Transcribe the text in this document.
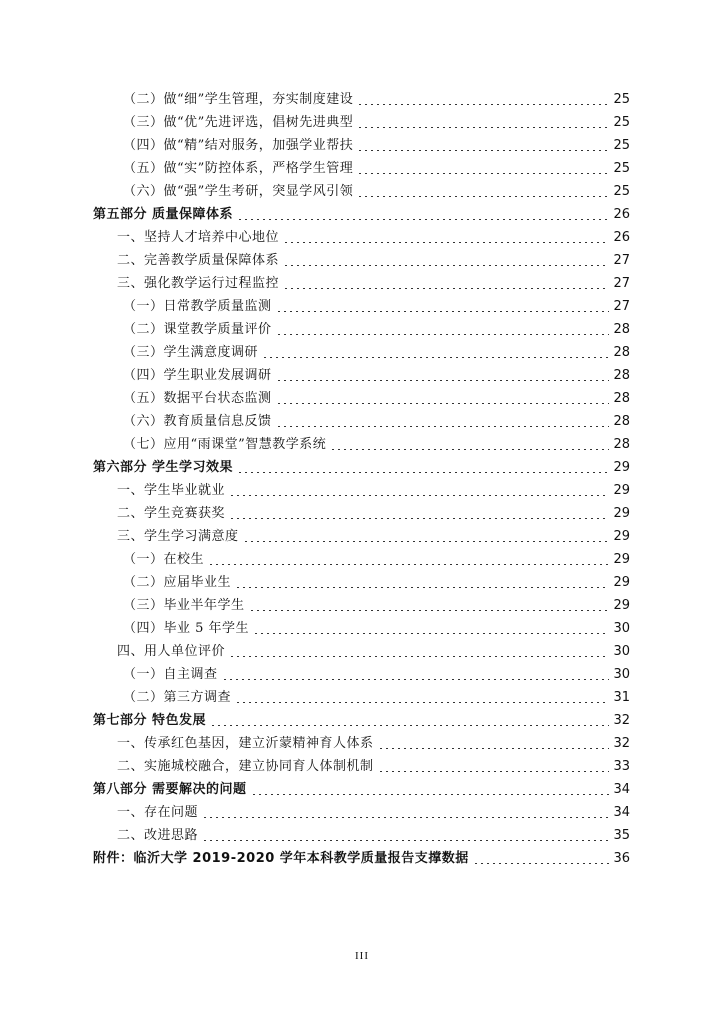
（二）做“细”学生管理，夯实制度建设	25
（三）做“优”先进评选，倡树先进典型	25
（四）做“精”结对服务，加强学业帮扶	25
（五）做“实”防控体系，严格学生管理	25
（六）做“强”学生考研，突显学风引领	25
第五部分 质量保障体系	26
一、坚持人才培养中心地位	26
二、完善教学质量保障体系	27
三、强化教学运行过程监控	27
（一）日常教学质量监测	27
（二）课堂教学质量评价	28
（三）学生满意度调研	28
（四）学生职业发展调研	28
（五）数据平台状态监测	28
（六）教育质量信息反馈	28
（七）应用“雨课堂”智慧教学系统	28
第六部分 学生学习效果	29
一、学生毕业就业	29
二、学生竞赛获奖	29
三、学生学习满意度	29
（一）在校生	29
（二）应届毕业生	29
（三）毕业半年学生	29
（四）毕业 5 年学生	30
四、用人单位评价	30
（一）自主调查	30
（二）第三方调查	31
第七部分 特色发展	32
一、传承红色基因，建立沂蒙精神育人体系	32
二、实施城校融合，建立协同育人体制机制	33
第八部分 需要解决的问题	34
一、存在问题	34
二、改进思路	35
附件：临沂大学 2019-2020 学年本科教学质量报告支撑数据	36
III
